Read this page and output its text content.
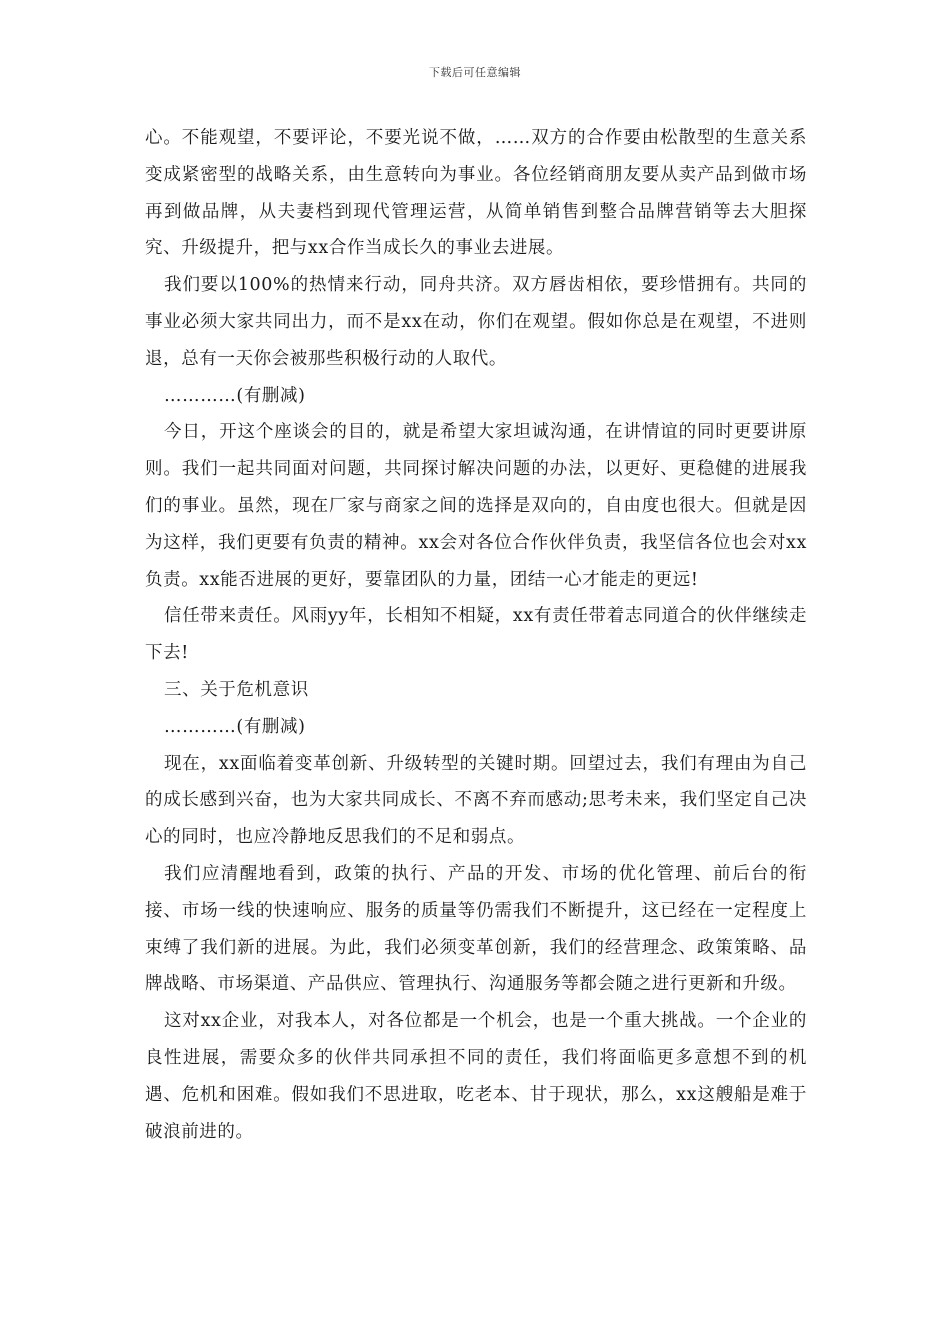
下载后可任意编辑

心。不能观望，不要评论，不要光说不做，……双方的合作要由松散型的生意关系变成紧密型的战略关系，由生意转向为事业。各位经销商朋友要从卖产品到做市场再到做品牌，从夫妻档到现代管理运营，从简单销售到整合品牌营销等去大胆探究、升级提升，把与xx合作当成长久的事业去进展。

我们要以100%的热情来行动，同舟共济。双方唇齿相依，要珍惜拥有。共同的事业必须大家共同出力，而不是xx在动，你们在观望。假如你总是在观望，不进则退，总有一天你会被那些积极行动的人取代。

…………(有删减)

今日，开这个座谈会的目的，就是希望大家坦诚沟通，在讲情谊的同时更要讲原则。我们一起共同面对问题，共同探讨解决问题的办法，以更好、更稳健的进展我们的事业。虽然，现在厂家与商家之间的选择是双向的，自由度也很大。但就是因为这样，我们更要有负责的精神。xx会对各位合作伙伴负责，我坚信各位也会对xx负责。xx能否进展的更好，要靠团队的力量，团结一心才能走的更远!

信任带来责任。风雨yy年，长相知不相疑，xx有责任带着志同道合的伙伴继续走下去!

三、关于危机意识

…………(有删减)

现在，xx面临着变革创新、升级转型的关键时期。回望过去，我们有理由为自己的成长感到兴奋，也为大家共同成长、不离不弃而感动;思考未来，我们坚定自己决心的同时，也应冷静地反思我们的不足和弱点。

我们应清醒地看到，政策的执行、产品的开发、市场的优化管理、前后台的衔接、市场一线的快速响应、服务的质量等仍需我们不断提升，这已经在一定程度上束缚了我们新的进展。为此，我们必须变革创新，我们的经营理念、政策策略、品牌战略、市场渠道、产品供应、管理执行、沟通服务等都会随之进行更新和升级。

这对xx企业，对我本人，对各位都是一个机会，也是一个重大挑战。一个企业的良性进展，需要众多的伙伴共同承担不同的责任，我们将面临更多意想不到的机遇、危机和困难。假如我们不思进取，吃老本、甘于现状，那么，xx这艘船是难于破浪前进的。
